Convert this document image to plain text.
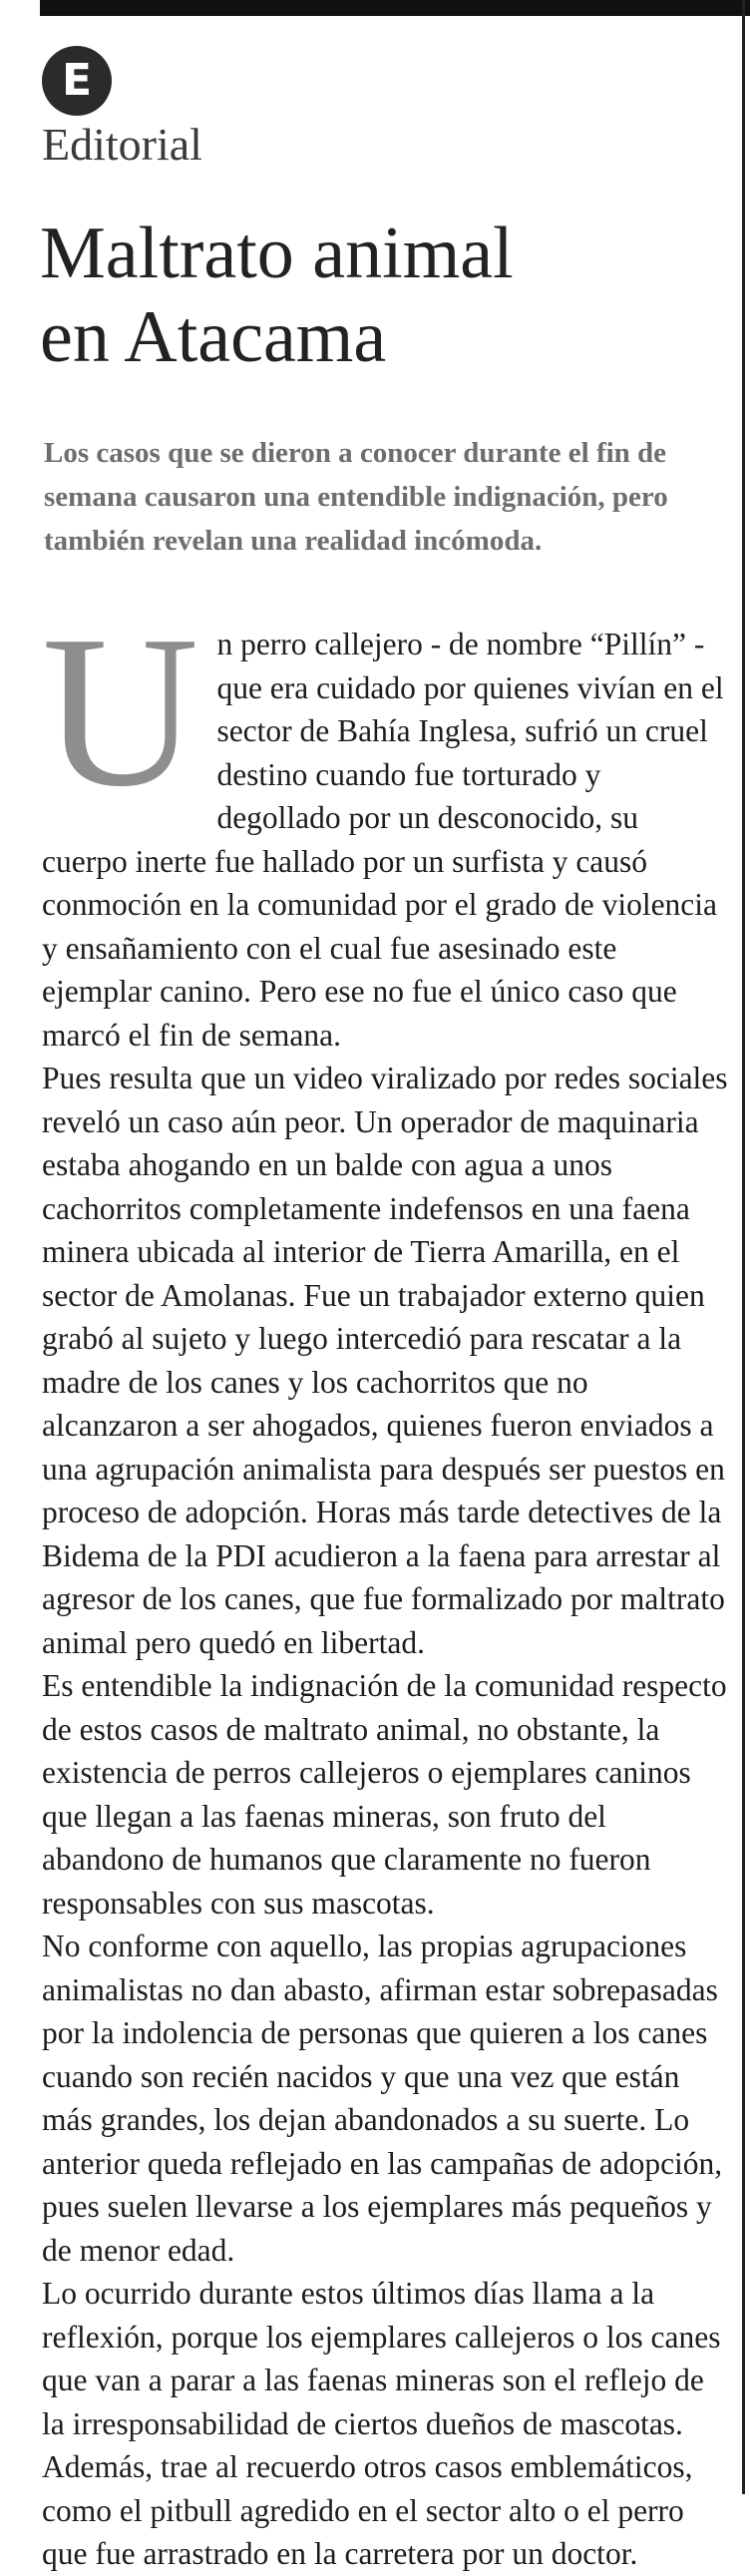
E
Editorial
Maltrato animal
en Atacama

Los casos que se dieron a conocer durante el fin de semana causaron una entendible indignación, pero también revelan una realidad incómoda.

U n perro callejero - de nombre “Pillín” - que era cuidado por quienes vivían en el sector de Bahía Inglesa, sufrió un cruel destino cuando fue torturado y degollado por un desconocido, su cuerpo inerte fue hallado por un surfista y causó conmoción en la comunidad por el grado de violencia y ensañamiento con el cual fue asesinado este ejemplar canino. Pero ese no fue el único caso que marcó el fin de semana.

Pues resulta que un video viralizado por redes sociales reveló un caso aún peor. Un operador de maquinaria estaba ahogando en un balde con agua a unos cachorritos completamente indefensos en una faena minera ubicada al interior de Tierra Amarilla, en el sector de Amolanas. Fue un trabajador externo quien grabó al sujeto y luego intercedió para rescatar a la madre de los canes y los cachorritos que no alcanzaron a ser ahogados, quienes fueron enviados a una agrupación animalista para después ser puestos en proceso de adopción. Horas más tarde detectives de la Bidema de la PDI acudieron a la faena para arrestar al agresor de los canes, que fue formalizado por maltrato animal pero quedó en libertad.

Es entendible la indignación de la comunidad respecto de estos casos de maltrato animal, no obstante, la existencia de perros callejeros o ejemplares caninos que llegan a las faenas mineras, son fruto del abandono de humanos que claramente no fueron responsables con sus mascotas.

No conforme con aquello, las propias agrupaciones animalistas no dan abasto, afirman estar sobrepasadas por la indolencia de personas que quieren a los canes cuando son recién nacidos y que una vez que están más grandes, los dejan abandonados a su suerte. Lo anterior queda reflejado en las campañas de adopción, pues suelen llevarse a los ejemplares más pequeños y de menor edad.

Lo ocurrido durante estos últimos días llama a la reflexión, porque los ejemplares callejeros o los canes que van a parar a las faenas mineras son el reflejo de la irresponsabilidad de ciertos dueños de mascotas. Además, trae al recuerdo otros casos emblemáticos, como el pitbull agredido en el sector alto o el perro que fue arrastrado en la carretera por un doctor.
